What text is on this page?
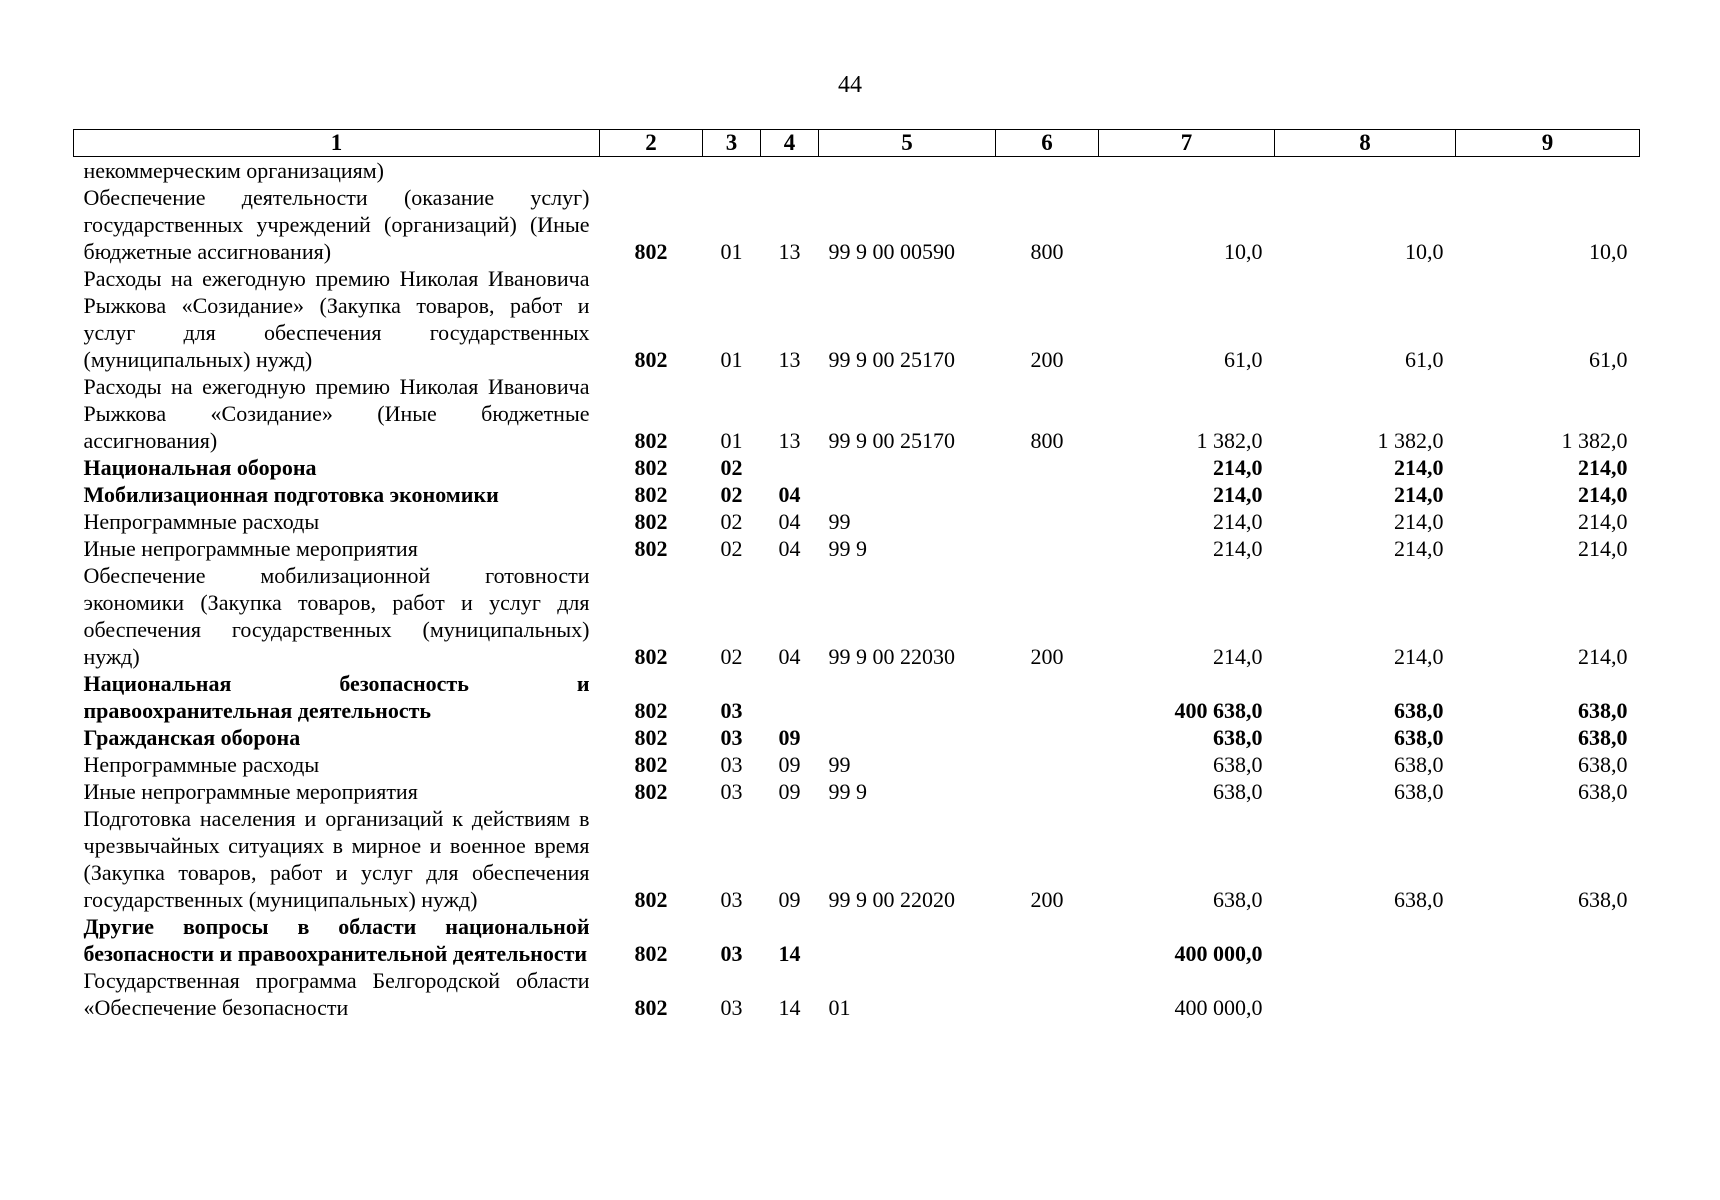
44
1	2	3	4	5	6	7	8	9
некоммерческим организациям)								
Обеспечение деятельности (оказание услуг) государственных учреждений (организаций) (Иные бюджетные ассигнования)	802	01	13	99 9 00 00590	800	10,0	10,0	10,0
Расходы на ежегодную премию Николая Ивановича Рыжкова «Созидание» (Закупка товаров, работ и услуг для обеспечения государственных (муниципальных) нужд)	802	01	13	99 9 00 25170	200	61,0	61,0	61,0
Расходы на ежегодную премию Николая Ивановича Рыжкова «Созидание» (Иные бюджетные ассигнования)	802	01	13	99 9 00 25170	800	1 382,0	1 382,0	1 382,0
Национальная оборона	802	02				214,0	214,0	214,0
Мобилизационная подготовка экономики	802	02	04			214,0	214,0	214,0
Непрограммные расходы	802	02	04	99		214,0	214,0	214,0
Иные непрограммные мероприятия	802	02	04	99 9		214,0	214,0	214,0
Обеспечение мобилизационной готовности экономики (Закупка товаров, работ и услуг для обеспечения государственных (муниципальных) нужд)	802	02	04	99 9 00 22030	200	214,0	214,0	214,0
Национальная безопасность и правоохранительная деятельность	802	03				400 638,0	638,0	638,0
Гражданская оборона	802	03	09			638,0	638,0	638,0
Непрограммные расходы	802	03	09	99		638,0	638,0	638,0
Иные непрограммные мероприятия	802	03	09	99 9		638,0	638,0	638,0
Подготовка населения и организаций к действиям в чрезвычайных ситуациях в мирное и военное время (Закупка товаров, работ и услуг для обеспечения государственных (муниципальных) нужд)	802	03	09	99 9 00 22020	200	638,0	638,0	638,0
Другие вопросы в области национальной безопасности и правоохранительной деятельности	802	03	14			400 000,0		
Государственная программа Белгородской области «Обеспечение безопасности	802	03	14	01		400 000,0		
